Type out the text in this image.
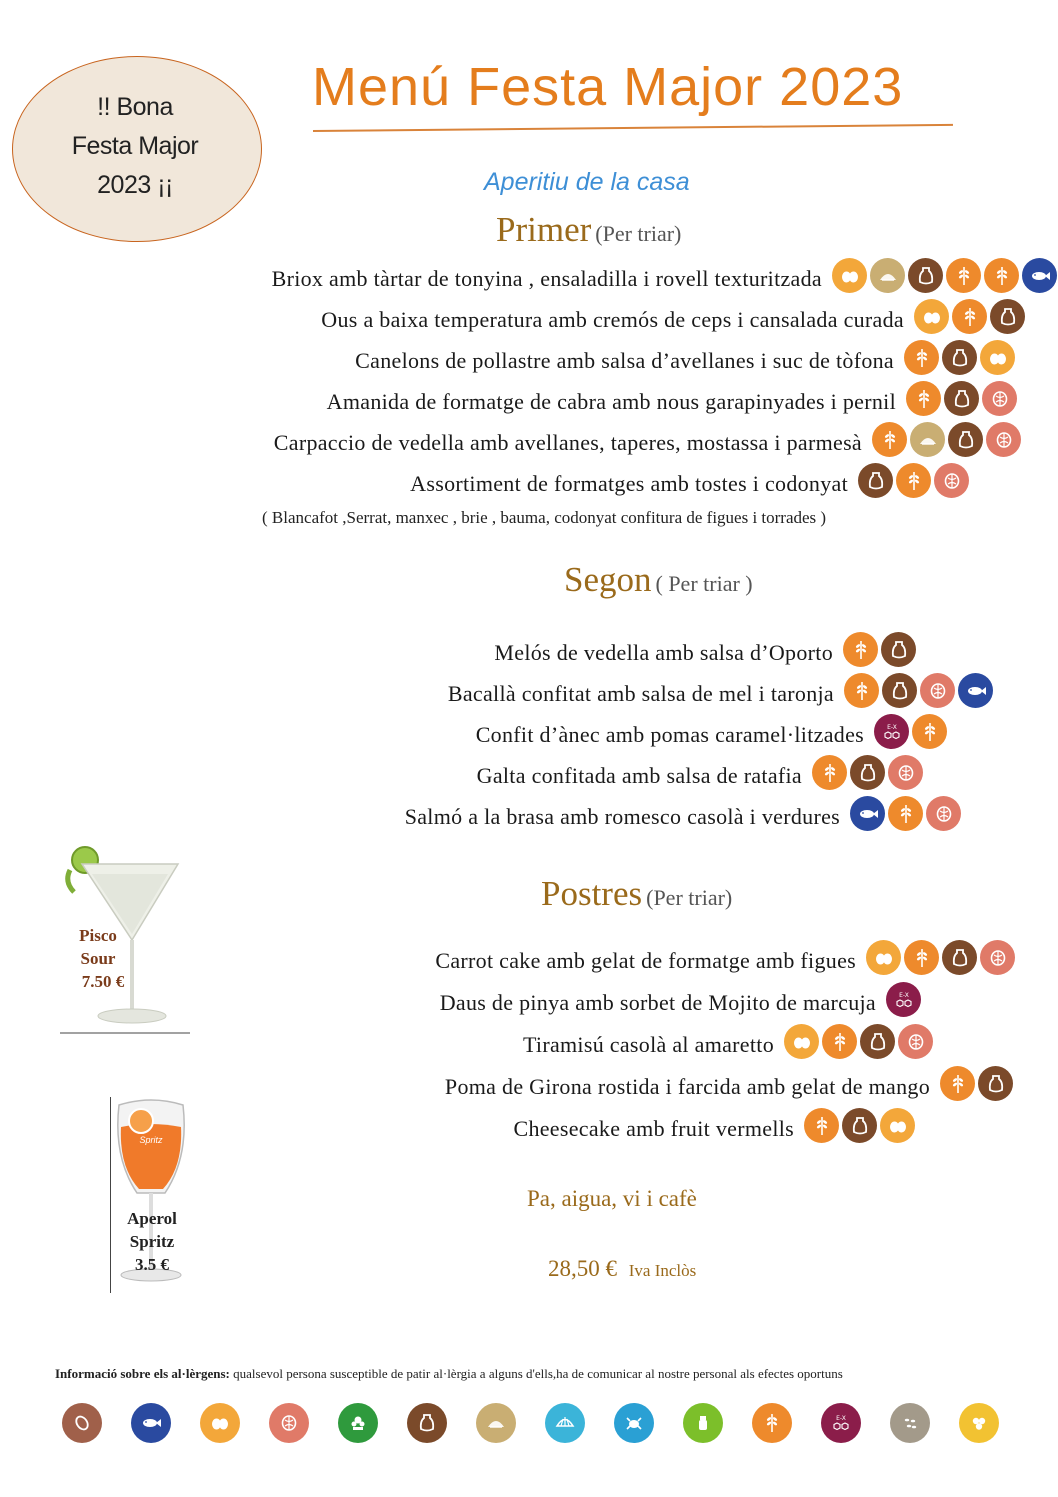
!! Bona
Festa Major
2023 ¡¡
Menú Festa Major 2023
Aperitiu de la casa
Primer (Per triar)
Briox amb tàrtar de tonyina , ensaladilla i rovell texturitzada
Ous a baixa temperatura amb cremós de ceps i cansalada curada
Canelons de pollastre amb salsa d’avellanes i suc de tòfona
Amanida de formatge de cabra amb nous garapinyades i pernil
Carpaccio de vedella amb avellanes, taperes, mostassa i parmesà
Assortiment de formatges amb tostes i codonyat
( Blancafot ,Serrat, manxec , brie , bauma, codonyat confitura de figues i torrades )
Segon ( Per triar )
Melós de vedella amb salsa d’Oporto
Bacallà confitat amb salsa de mel i taronja
Confit d’ànec amb pomas caramel·litzades	E-X
Galta confitada amb salsa de ratafia
Salmó a la brasa amb romesco casolà i verdures
Postres (Per triar)
Carrot cake amb gelat de formatge amb figues
Daus de pinya amb sorbet de Mojito de marcuja	E-X
Tiramisú casolà al amaretto
Poma de Girona rostida i farcida amb gelat de mango
Cheesecake amb fruit vermells
Pisco
Sour
7.50 €
Spritz
Aperol
Spritz
3.5 €
Pa, aigua, vi i cafè
28,50 € Iva Inclòs
Informació sobre els al·lèrgens: qualsevol persona susceptible de patir al·lèrgia a alguns d'ells,ha de comunicar al nostre personal als efectes oportuns
E-X
